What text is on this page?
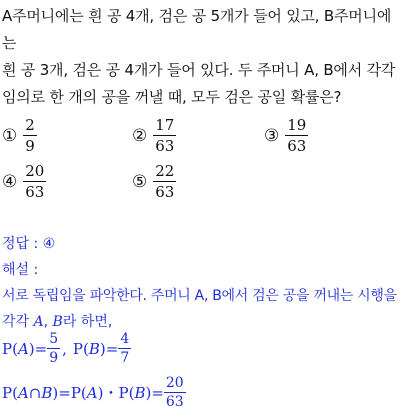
A주머니에는 흰 공 4개, 검은 공 5개가 들어 있고, B주머니에는
흰 공 3개, 검은 공 4개가 들어 있다. 두 주머니 A, B에서 각각
임의로 한 개의 공을 꺼낼 때, 모두 검은 공일 확률은?
① $\frac{2}{9}$	② $\frac{17}{63}$	③ $\frac{19}{63}$
④ $\frac{20}{63}$	⑤ $\frac{22}{63}$
정답 : ④
해설 :
서로 독립임을 파악한다. 주머니 A, B에서 검은 공을 꺼내는 시행을
각각 A, B라 하면,
P( A )= $\frac{5}{9}$ , P( B )= $\frac{4}{7}$
P( A ∩ B )=P( A )・P( B )= $\frac{20}{63}$
